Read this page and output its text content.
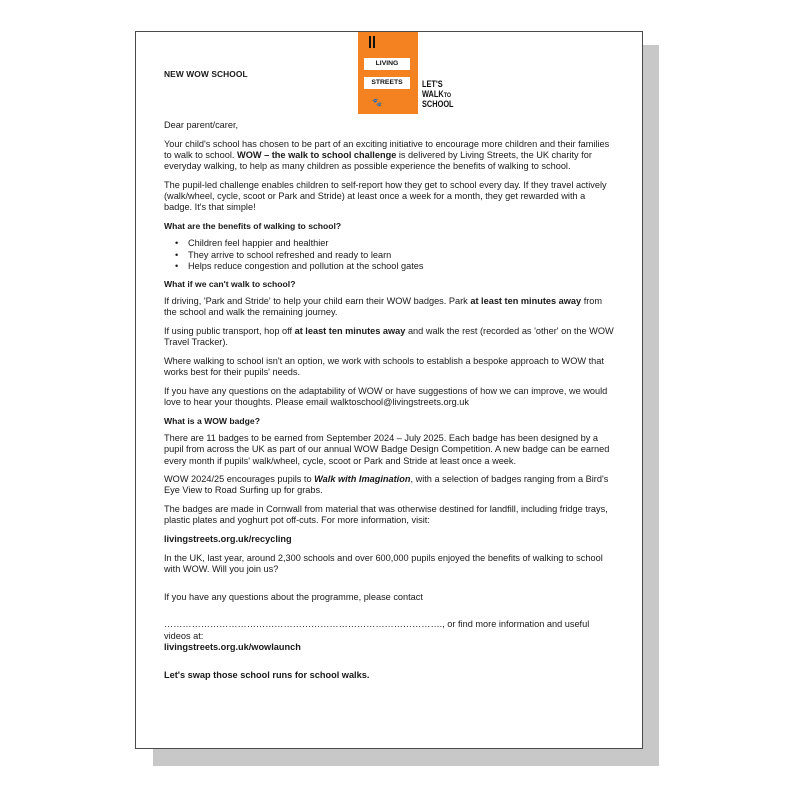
NEW WOW SCHOOL
LIVING
STREETS
🐾
LET'S
WALKTO
SCHOOL

Dear parent/carer,

Your child's school has chosen to be part of an exciting initiative to encourage more children and their families to walk to school. WOW – the walk to school challenge is delivered by Living Streets, the UK charity for everyday walking, to help as many children as possible experience the benefits of walking to school.

The pupil-led challenge enables children to self-report how they get to school every day. If they travel actively (walk/wheel, cycle, scoot or Park and Stride) at least once a week for a month, they get rewarded with a badge. It's that simple!

What are the benefits of walking to school?
• Children feel happier and healthier
• They arrive to school refreshed and ready to learn
• Helps reduce congestion and pollution at the school gates
What if we can't walk to school?

If driving, 'Park and Stride' to help your child earn their WOW badges. Park at least ten minutes away from the school and walk the remaining journey.

If using public transport, hop off at least ten minutes away and walk the rest (recorded as 'other' on the WOW Travel Tracker).

Where walking to school isn't an option, we work with schools to establish a bespoke approach to WOW that works best for their pupils' needs.

If you have any questions on the adaptability of WOW or have suggestions of how we can improve, we would love to hear your thoughts. Please email walktoschool@livingstreets.org.uk

What is a WOW badge?

There are 11 badges to be earned from September 2024 – July 2025. Each badge has been designed by a pupil from across the UK as part of our annual WOW Badge Design Competition. A new badge can be earned every month if pupils' walk/wheel, cycle, scoot or Park and Stride at least once a week.

WOW 2024/25 encourages pupils to Walk with Imagination, with a selection of badges ranging from a Bird's Eye View to Road Surfing up for grabs.

The badges are made in Cornwall from material that was otherwise destined for landfill, including fridge trays, plastic plates and yoghurt pot off-cuts. For more information, visit:

livingstreets.org.uk/recycling

In the UK, last year, around 2,300 schools and over 600,000 pupils enjoyed the benefits of walking to school with WOW. Will you join us?

If you have any questions about the programme, please contact

………………………………………………………………………………., or find more information and useful videos at:

livingstreets.org.uk/wowlaunch

Let's swap those school runs for school walks.
